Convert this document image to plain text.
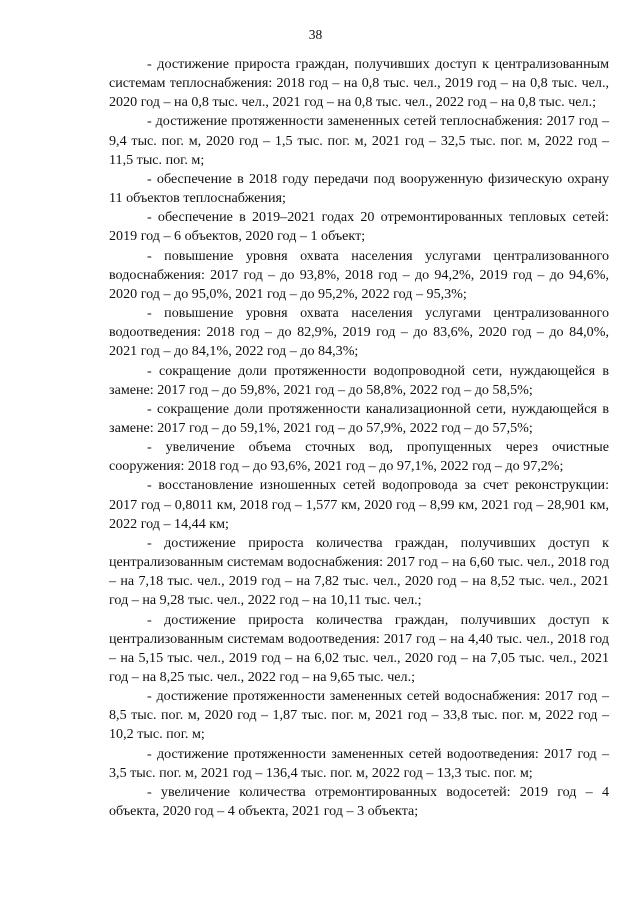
38

- достижение прироста граждан, получивших доступ к централизованным системам теплоснабжения: 2018 год – на 0,8 тыс. чел., 2019 год – на 0,8 тыс. чел., 2020 год – на 0,8 тыс. чел., 2021 год – на 0,8 тыс. чел., 2022 год – на 0,8 тыс. чел.;

- достижение протяженности замененных сетей теплоснабжения: 2017 год – 9,4 тыс. пог. м, 2020 год – 1,5 тыс. пог. м, 2021 год – 32,5 тыс. пог. м, 2022 год – 11,5 тыс. пог. м;

- обеспечение в 2018 году передачи под вооруженную физическую охрану 11 объектов теплоснабжения;

- обеспечение в 2019–2021 годах 20 отремонтированных тепловых сетей: 2019 год – 6 объектов, 2020 год – 1 объект;

- повышение уровня охвата населения услугами централизованного водоснабжения: 2017 год – до 93,8%, 2018 год – до 94,2%, 2019 год – до 94,6%, 2020 год – до 95,0%, 2021 год – до 95,2%, 2022 год – 95,3%;

- повышение уровня охвата населения услугами централизованного водоотведения: 2018 год – до 82,9%, 2019 год – до 83,6%, 2020 год – до 84,0%, 2021 год – до 84,1%, 2022 год – до 84,3%;

- сокращение доли протяженности водопроводной сети, нуждающейся в замене: 2017 год – до 59,8%, 2021 год – до 58,8%, 2022 год – до 58,5%;

- сокращение доли протяженности канализационной сети, нуждающейся в замене: 2017 год – до 59,1%, 2021 год – до 57,9%, 2022 год – до 57,5%;

- увеличение объема сточных вод, пропущенных через очистные сооружения: 2018 год – до 93,6%, 2021 год – до 97,1%, 2022 год – до 97,2%;

- восстановление изношенных сетей водопровода за счет реконструкции: 2017 год – 0,8011 км, 2018 год – 1,577 км, 2020 год – 8,99 км, 2021 год – 28,901 км, 2022 год – 14,44 км;

- достижение прироста количества граждан, получивших доступ к централизованным системам водоснабжения: 2017 год – на 6,60 тыс. чел., 2018 год – на 7,18 тыс. чел., 2019 год – на 7,82 тыс. чел., 2020 год – на 8,52 тыс. чел., 2021 год – на 9,28 тыс. чел., 2022 год – на 10,11 тыс. чел.;

- достижение прироста количества граждан, получивших доступ к централизованным системам водоотведения: 2017 год – на 4,40 тыс. чел., 2018 год – на 5,15 тыс. чел., 2019 год – на 6,02 тыс. чел., 2020 год – на 7,05 тыс. чел., 2021 год – на 8,25 тыс. чел., 2022 год – на 9,65 тыс. чел.;

- достижение протяженности замененных сетей водоснабжения: 2017 год – 8,5 тыс. пог. м, 2020 год – 1,87 тыс. пог. м, 2021 год – 33,8 тыс. пог. м, 2022 год – 10,2 тыс. пог. м;

- достижение протяженности замененных сетей водоотведения: 2017 год – 3,5 тыс. пог. м, 2021 год – 136,4 тыс. пог. м, 2022 год – 13,3 тыс. пог. м;

- увеличение количества отремонтированных водосетей: 2019 год – 4 объекта, 2020 год – 4 объекта, 2021 год – 3 объекта;
